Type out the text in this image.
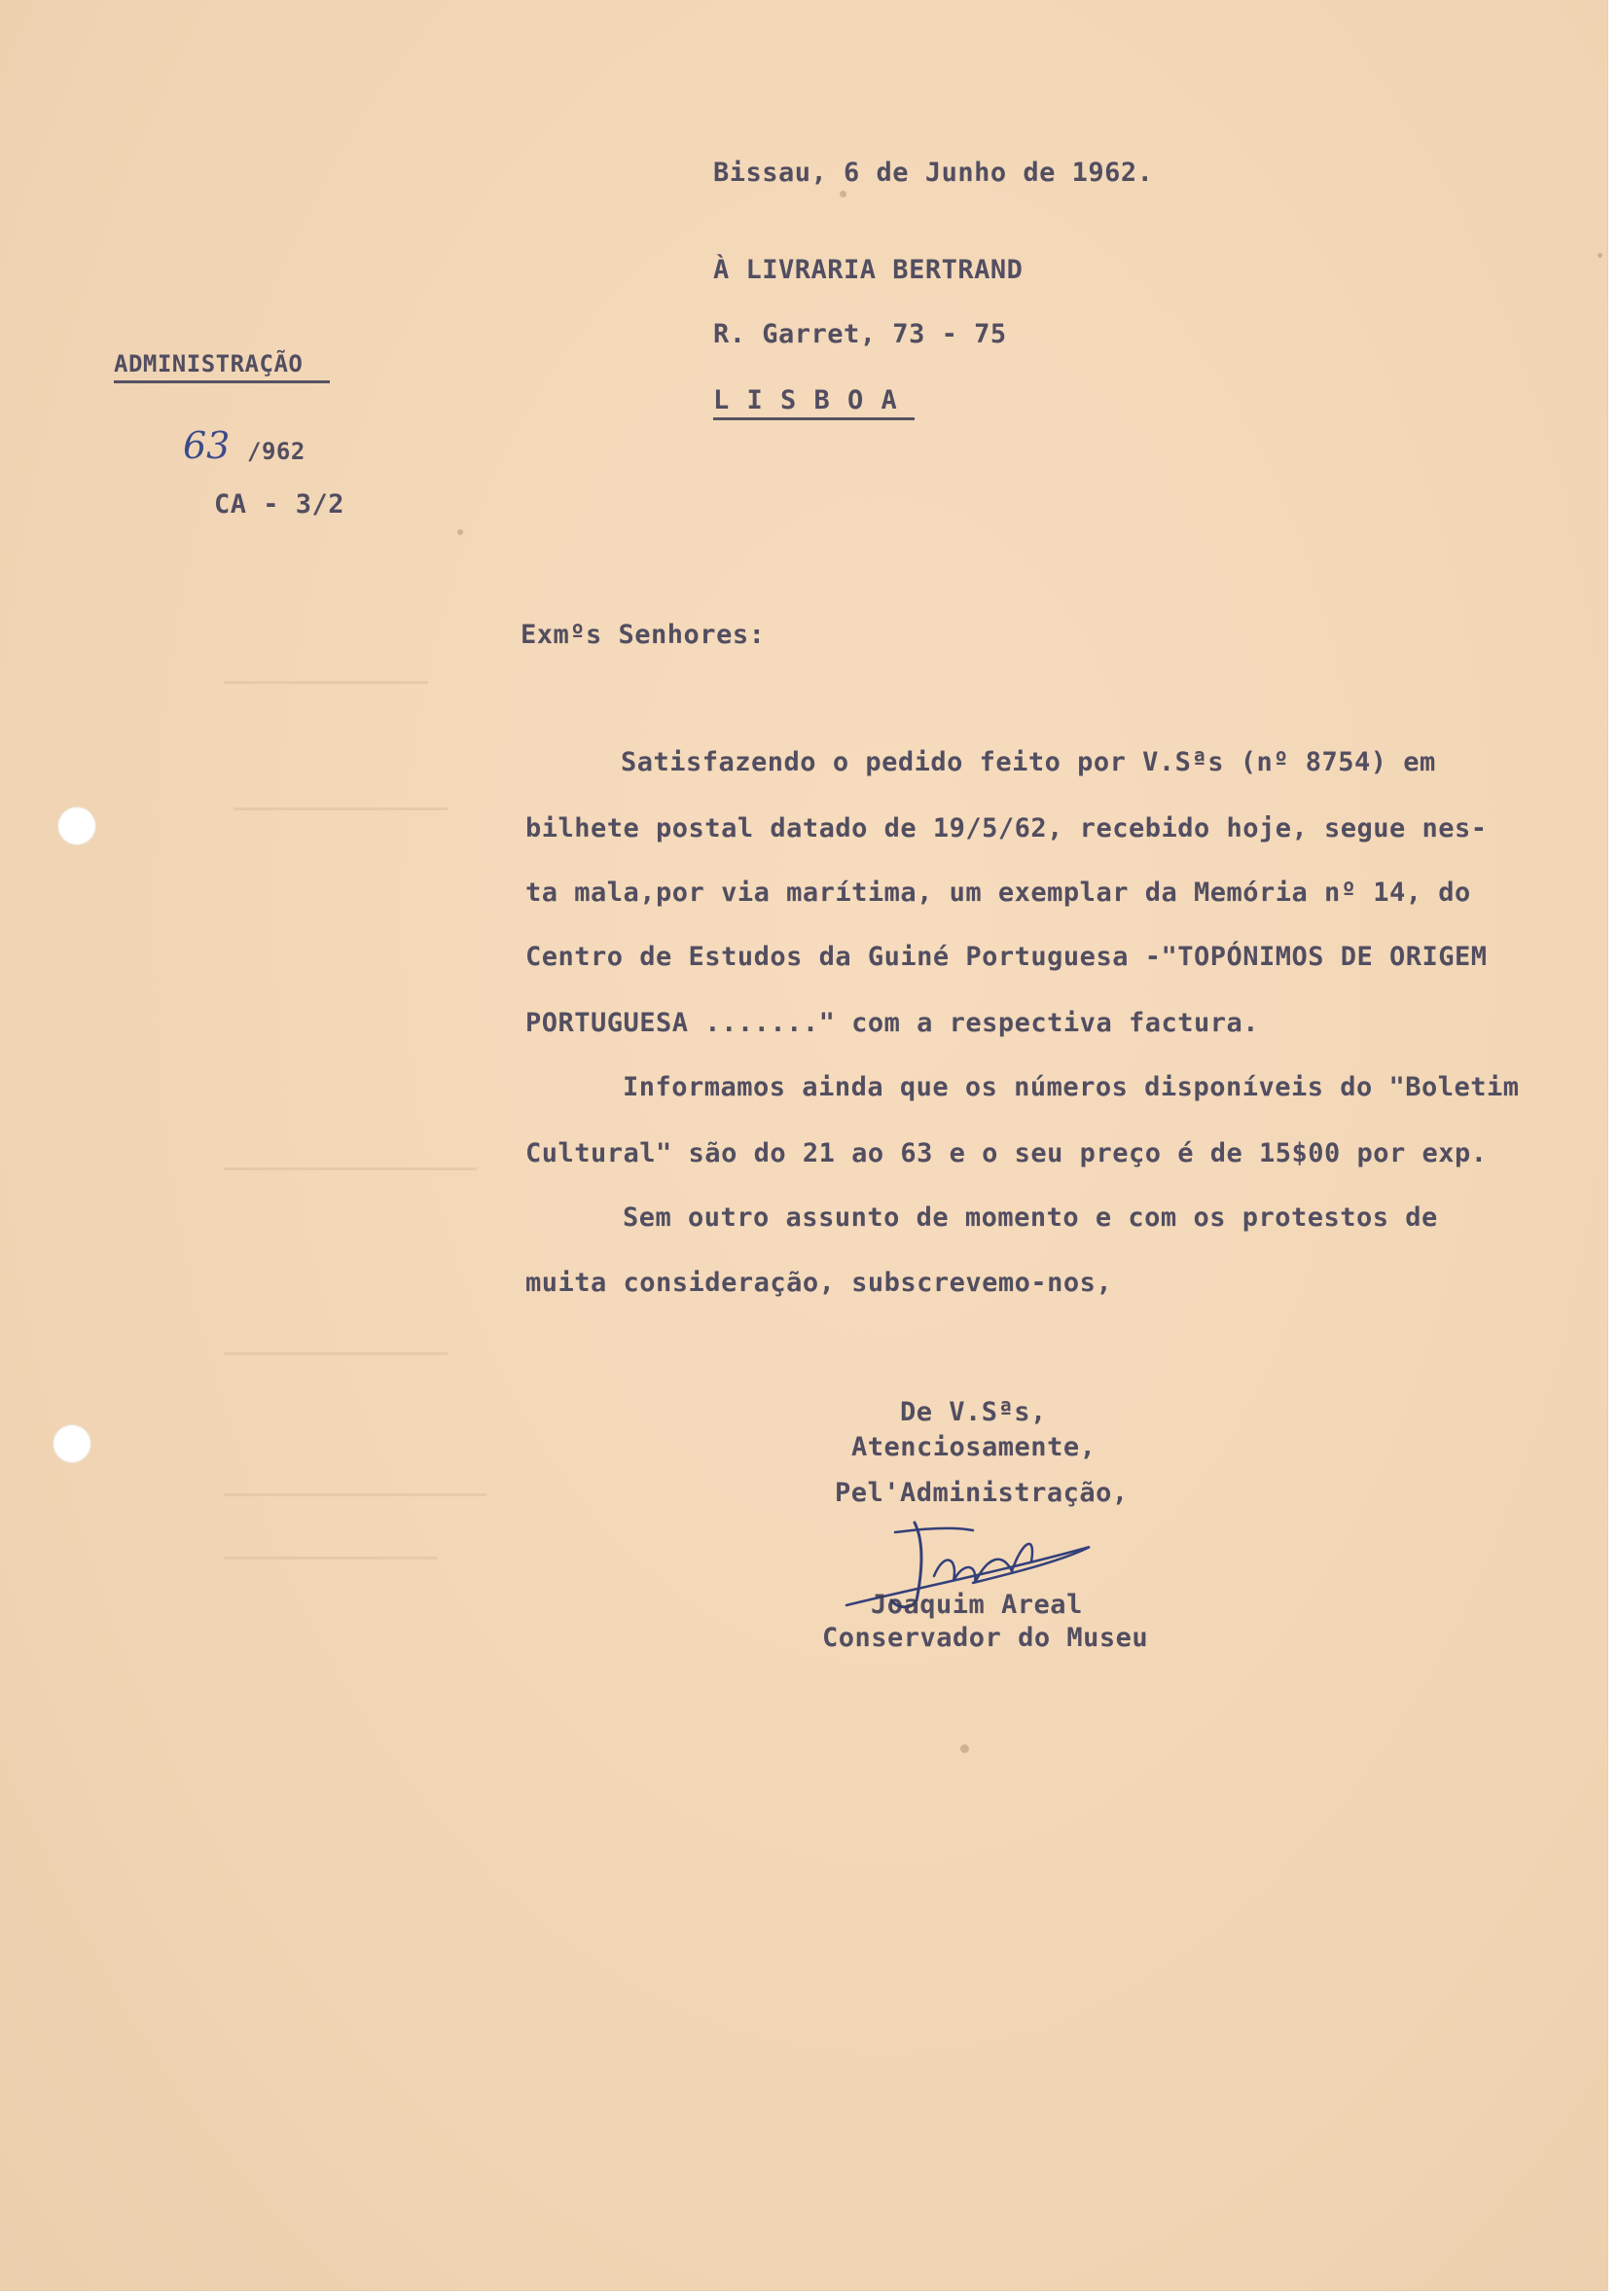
Bissau, 6 de Junho de 1962.
À LIVRARIA BERTRAND
R. Garret, 73 - 75
L I S B O A
ADMINISTRAÇÃO
63 /962
CA - 3/2
Exmºs Senhores:
Satisfazendo o pedido feito por V.Sªs (nº 8754) em
bilhete postal datado de 19/5/62, recebido hoje, segue nes-
ta mala,por via marítima, um exemplar da Memória nº 14, do
Centro de Estudos da Guiné Portuguesa -"TOPÓNIMOS DE ORIGEM
PORTUGUESA ......." com a respectiva factura.
Informamos ainda que os números disponíveis do "Boletim
Cultural" são do 21 ao 63 e o seu preço é de 15$00 por exp.
Sem outro assunto de momento e com os protestos de
muita consideração, subscrevemo-nos,
De V.Sªs,
Atenciosamente,
Pel'Administração,
Joaquim Areal
Conservador do Museu
